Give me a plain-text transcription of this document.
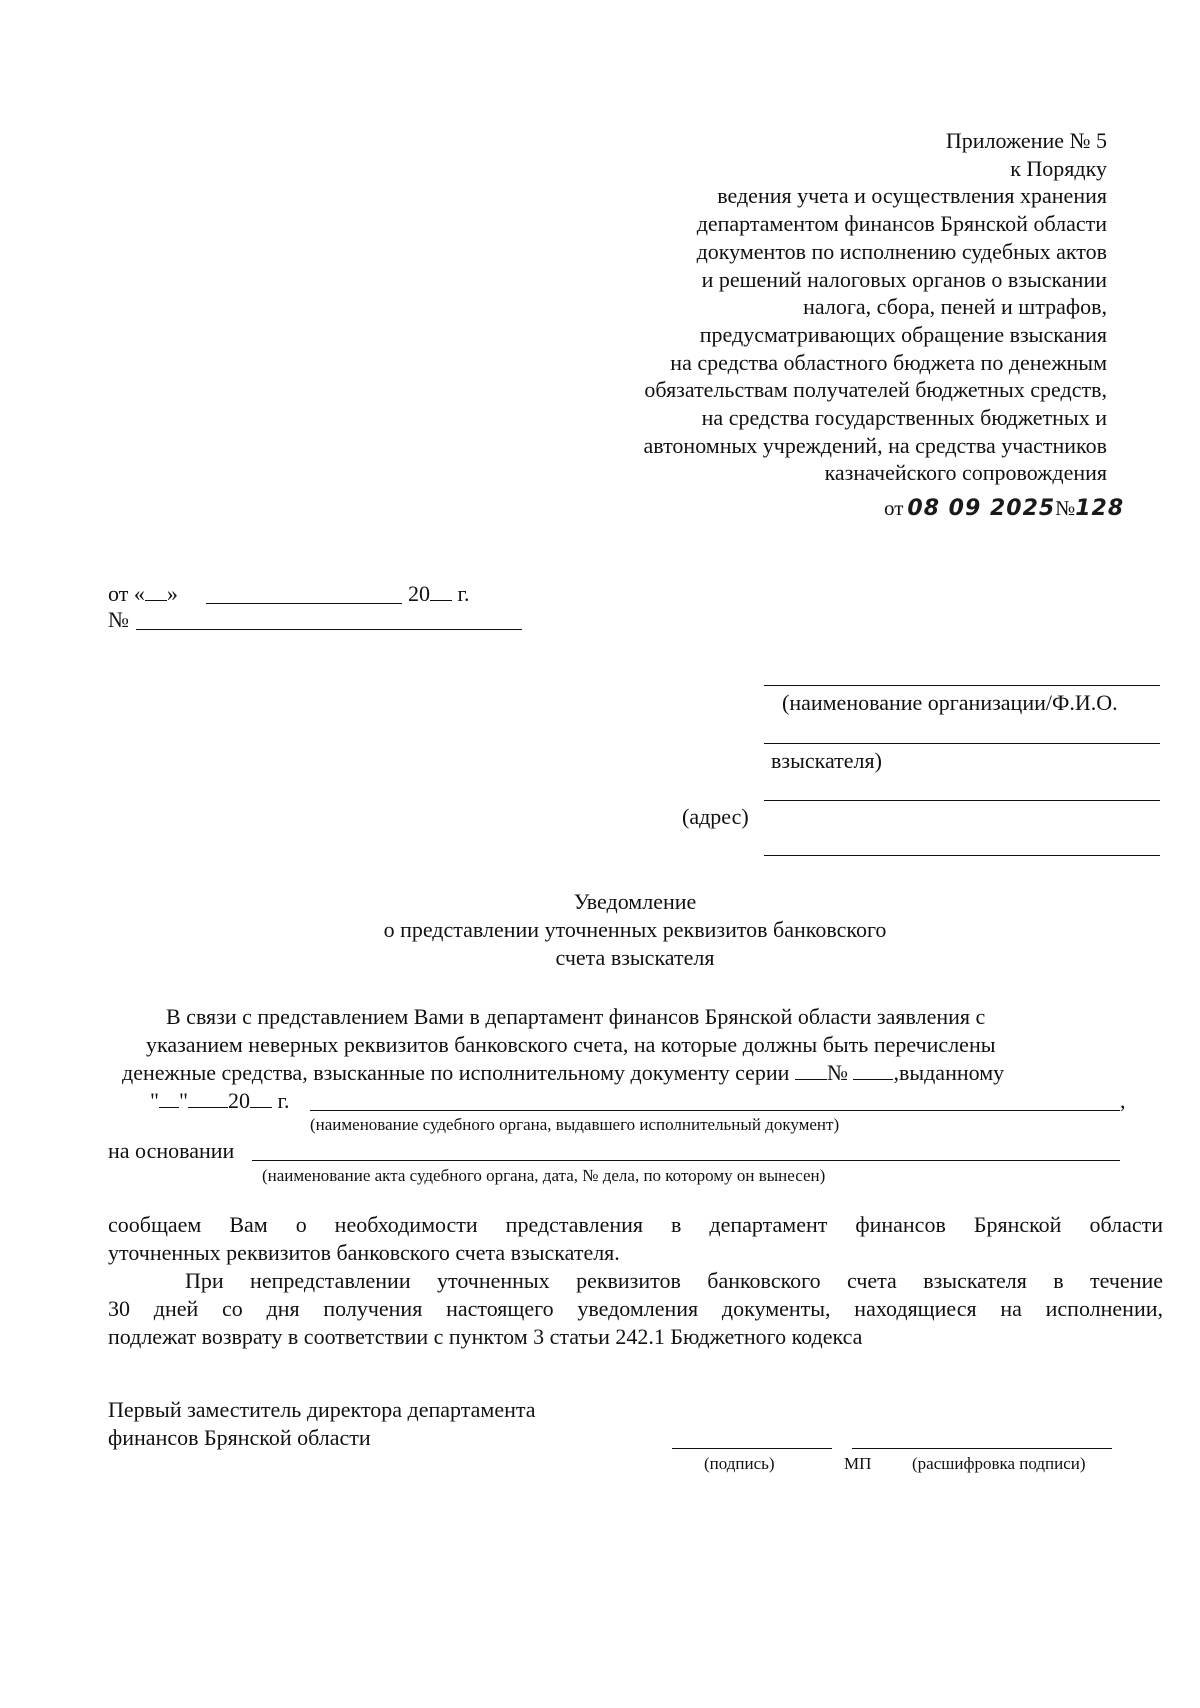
Приложение № 5
к Порядку
ведения учета и осуществления хранения
департаментом финансов Брянской области
документов по исполнению судебных актов
и решений налоговых органов о взыскании
налога, сбора, пеней и штрафов,
предусматривающих обращение взыскания
на средства областного бюджета по денежным
обязательствам получателей бюджетных средств,
на средства государственных бюджетных и
автономных учреждений, на средства участников
казначейского сопровождения
от 08 09 2025№128
от « »	20 г.
№
(наименование организации/Ф.И.О.
взыскателя)
(адрес)
Уведомление
о представлении уточненных реквизитов банковского
счета взыскателя
В связи с представлением Вами в департамент финансов Брянской области заявления с
указанием неверных реквизитов банковского счета, на которые должны быть перечислены
денежные средства, взысканные по исполнительному документу серии № ,выданному
" " 20 г.	,
(наименование судебного органа, выдавшего исполнительный документ)
на основании
(наименование акта судебного органа, дата, № дела, по которому он вынесен)
сообщаем Вам о необходимости представления в департамент финансов Брянской области
уточненных реквизитов банковского счета взыскателя.
При непредставлении уточненных реквизитов банковского счета взыскателя в течение
30 дней со дня получения настоящего уведомления документы, находящиеся на исполнении,
подлежат возврату в соответствии с пунктом 3 статьи 242.1 Бюджетного кодекса
Первый заместитель директора департамента
финансов Брянской области
(подпись)	МП (расшифровка подписи)
